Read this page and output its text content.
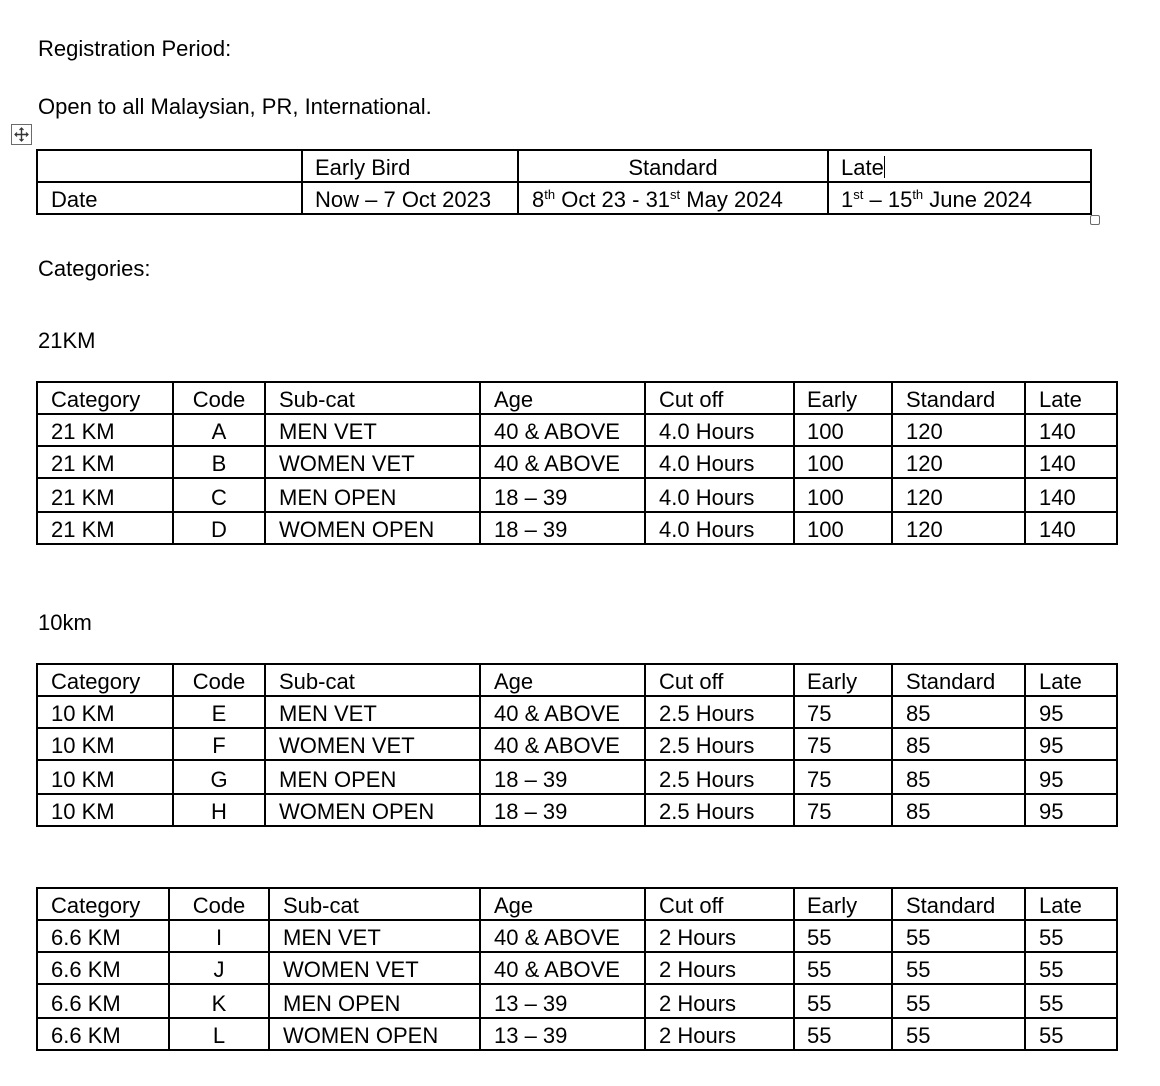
Registration Period:

Open to all Malaysian, PR, International.

	Early Bird	Standard	Late

Date	Now – 7 Oct 2023	8th Oct 23 - 31st May 2024	1st – 15th June 2024

Categories:

21KM

Category	Code	Sub-cat	Age	Cut off	Early	Standard	Late

21 KM	A	MEN VET	40 & ABOVE	4.0 Hours	100	120	140

21 KM	B	WOMEN VET	40 & ABOVE	4.0 Hours	100	120	140

21 KM	C	MEN OPEN	18 – 39	4.0 Hours	100	120	140

21 KM	D	WOMEN OPEN	18 – 39	4.0 Hours	100	120	140

10km

Category	Code	Sub-cat	Age	Cut off	Early	Standard	Late

10 KM	E	MEN VET	40 & ABOVE	2.5 Hours	75	85	95

10 KM	F	WOMEN VET	40 & ABOVE	2.5 Hours	75	85	95

10 KM	G	MEN OPEN	18 – 39	2.5 Hours	75	85	95

10 KM	H	WOMEN OPEN	18 – 39	2.5 Hours	75	85	95
Category	Code	Sub-cat	Age	Cut off	Early	Standard	Late

6.6 KM	I	MEN VET	40 & ABOVE	2 Hours	55	55	55

6.6 KM	J	WOMEN VET	40 & ABOVE	2 Hours	55	55	55

6.6 KM	K	MEN OPEN	13 – 39	2 Hours	55	55	55

6.6 KM	L	WOMEN OPEN	13 – 39	2 Hours	55	55	55
